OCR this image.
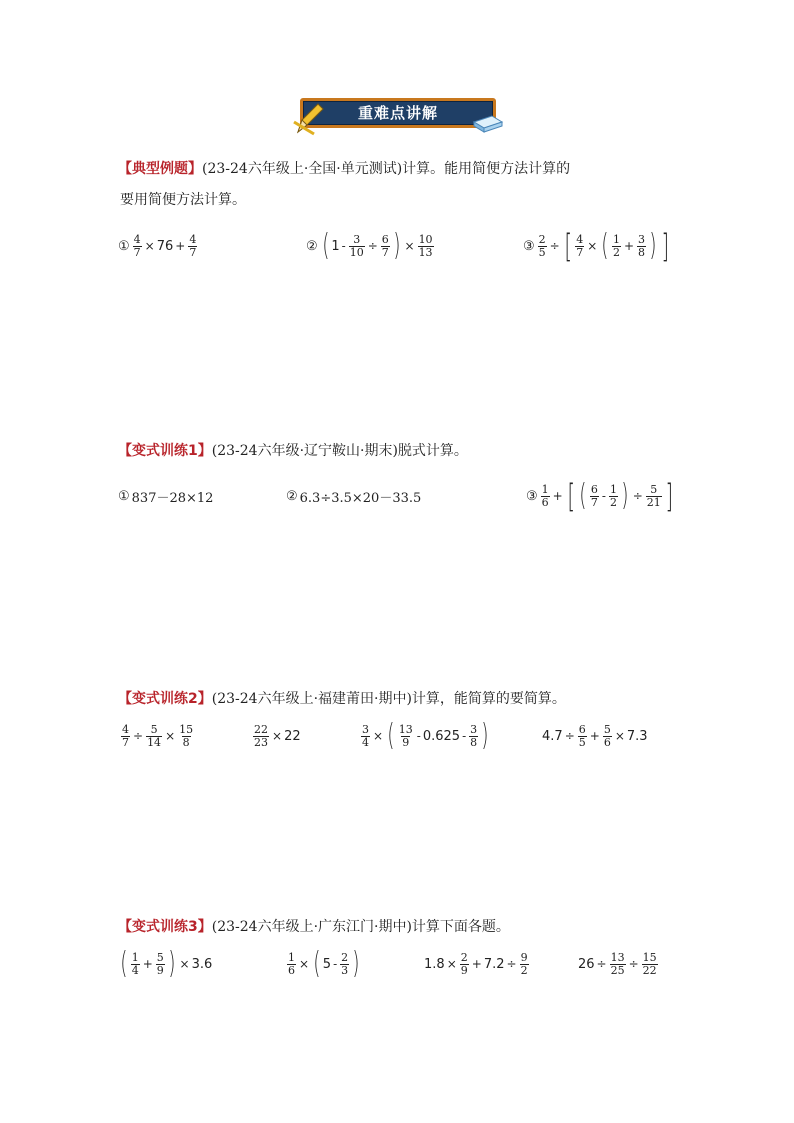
重难点讲解
【典型例题】(23-24六年级上·全国·单元测试)计算。能用简便方法计算的
要用简便方法计算。
① $\frac{4}{7} \times 76 + \frac{4}{7}$	② ( $1 - \frac{3}{10} \div \frac{6}{7}$ ) × $\frac{10}{13}$	③ $\frac{2}{5}$ ÷ [ $\frac{4}{7}$ × ( $\frac{1}{2} + \frac{3}{8}$ ) ]
【变式训练1】(23-24六年级·辽宁鞍山·期末)脱式计算。
① 837－28×12	② 6.3÷3.5×20－33.5	③ $\frac{1}{6}$ + [ ( $\frac{6}{7} - \frac{1}{2}$ ) ÷ $\frac{5}{21}$ ]
【变式训练2】(23-24六年级上·福建莆田·期中)计算，能简算的要简算。
$\frac{4}{7} \div \frac{5}{14} \times \frac{15}{8}$	$\frac{22}{23} \times 22$	$\frac{3}{4}$ × ( $\frac{13}{9} - 0.625 - \frac{3}{8}$ )	$4.7 \div \frac{6}{5} + \frac{5}{6} \times 7.3$
【变式训练3】(23-24六年级上·广东江门·期中)计算下面各题。
( $\frac{1}{4} + \frac{5}{9}$ ) × 3.6	$\frac{1}{6}$ × ( $5 - \frac{2}{3}$ )	$1.8 \times \frac{2}{9} + 7.2 \div \frac{9}{2}$	$26 \div \frac{13}{25} \div \frac{15}{22}$
